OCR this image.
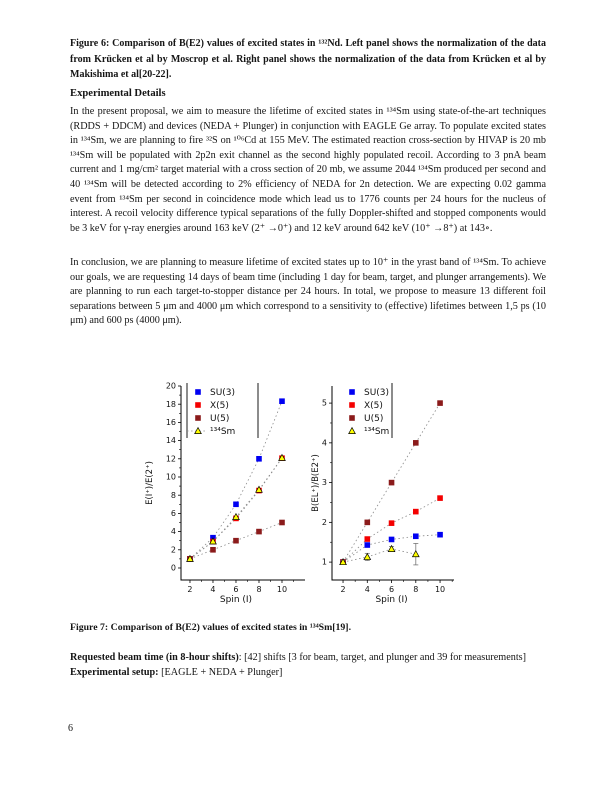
Figure 6: Comparison of B(E2) values of excited states in ¹³²Nd. Left panel shows the normalization of the data from Krücken et al by Moscrop et al. Right panel shows the normalization of the data from Krücken et al by Makishima et al[20-22].
Experimental Details
In the present proposal, we aim to measure the lifetime of excited states in ¹³⁴Sm using state-of-the-art techniques (RDDS + DDCM) and devices (NEDA + Plunger) in conjunction with EAGLE Ge array. To populate excited states in ¹³⁴Sm, we are planning to fire ³²S on ¹⁰⁶Cd at 155 MeV. The estimated reaction cross-section by HIVAP is 20 mb ¹³⁴Sm will be populated with 2p2n exit channel as the second highly populated recoil. According to 3 pnA beam current and 1 mg/cm² target material with a cross section of 20 mb, we assume 2044 ¹³⁴Sm produced per second and 40 ¹³⁴Sm will be detected according to 2% efficiency of NEDA for 2n detection. We are expecting 0.02 gamma event from ¹³⁴Sm per second in coincidence mode which lead us to 1776 counts per 24 hours for the nucleus of interest. A recoil velocity difference typical separations of the fully Doppler-shifted and stopped components would be 3 keV for γ-ray energies around 163 keV (2⁺ →0⁺) and 12 keV around 642 keV (10⁺ →8⁺) at 143∘.
In conclusion, we are planning to measure lifetime of excited states up to 10⁺ in the yrast band of ¹³⁴Sm. To achieve our goals, we are requesting 14 days of beam time (including 1 day for beam, target, and plunger arrangements). We are planning to run each target-to-stopper distance per 24 hours. In total, we propose to measure 13 different foil separations between 5 μm and 4000 μm which correspond to a sensitivity to (effective) lifetimes between 1,5 ps (10 μm) and 600 ps (4000 μm).
0
2
4
6
8
10
12
14
16
18
20
2 4 6 8 10
Spin (I)
E(I⁺)/E(2⁺)
SU(3)
X(5)
U(5)
¹³⁴Sm
1
2
3
4
5
2 4 6 8 10
Spin (I)
B(EL⁺)/B(E2⁺)
SU(3)
X(5)
U(5)
¹³⁴Sm
Figure 7: Comparison of B(E2) values of excited states in ¹³⁴Sm[19].
Requested beam time (in 8-hour shifts): [42] shifts [3 for beam, target, and plunger and 39 for measurements]
Experimental setup: [EAGLE + NEDA + Plunger]
6
